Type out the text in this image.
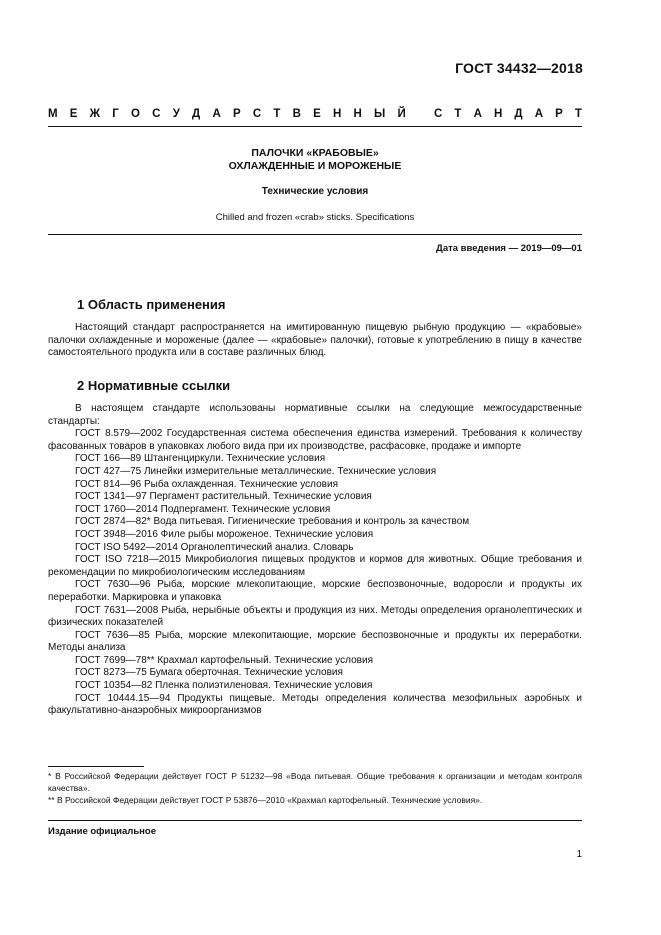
ГОСТ 34432—2018
М Е Ж Г О С У Д А Р С Т В Е Н Н Ы Й С Т А Н Д А Р Т
ПАЛОЧКИ «КРАБОВЫЕ»
ОХЛАЖДЕННЫЕ И МОРОЖЕНЫЕ
Технические условия
Chilled and frozen «crab» sticks. Specifications
Дата введения — 2019—09—01
1 Область применения

Настоящий стандарт распространяется на имитированную пищевую рыбную продукцию — «крабовые» палочки охлажденные и мороженые (далее — «крабовые» палочки), готовые к употреблению в пищу в качестве самостоятельного продукта или в составе различных блюд.

2 Нормативные ссылки

В настоящем стандарте использованы нормативные ссылки на следующие межгосударственные стандарты:

ГОСТ 8.579—2002 Государственная система обеспечения единства измерений. Требования к количеству фасованных товаров в упаковках любого вида при их производстве, расфасовке, продаже и импорте

ГОСТ 166—89 Штангенциркули. Технические условия

ГОСТ 427—75 Линейки измерительные металлические. Технические условия

ГОСТ 814—96 Рыба охлажденная. Технические условия

ГОСТ 1341—97 Пергамент растительный. Технические условия

ГОСТ 1760—2014 Подпергамент. Технические условия

ГОСТ 2874—82* Вода питьевая. Гигиенические требования и контроль за качеством

ГОСТ 3948—2016 Филе рыбы мороженое. Технические условия

ГОСТ ISO 5492—2014 Органолептический анализ. Словарь

ГОСТ ISO 7218—2015 Микробиология пищевых продуктов и кормов для животных. Общие требования и рекомендации по микробиологическим исследованиям

ГОСТ 7630—96 Рыба, морские млекопитающие, морские беспозвоночные, водоросли и продукты их переработки. Маркировка и упаковка

ГОСТ 7631—2008 Рыба, нерыбные объекты и продукция из них. Методы определения органолептических и физических показателей

ГОСТ 7636—85 Рыба, морские млекопитающие, морские беспозвоночные и продукты их переработки. Методы анализа

ГОСТ 7699—78** Крахмал картофельный. Технические условия

ГОСТ 8273—75 Бумага оберточная. Технические условия

ГОСТ 10354—82 Пленка полиэтиленовая. Технические условия

ГОСТ 10444.15—94 Продукты пищевые. Методы определения количества мезофильных аэробных и факультативно-анаэробных микроорганизмов

* В Российской Федерации действует ГОСТ Р 51232—98 «Вода питьевая. Общие требования к организации и методам контроля качества».

** В Российской Федерации действует ГОСТ Р 53876—2010 «Крахмал картофельный. Технические условия».

Издание официальное
1
